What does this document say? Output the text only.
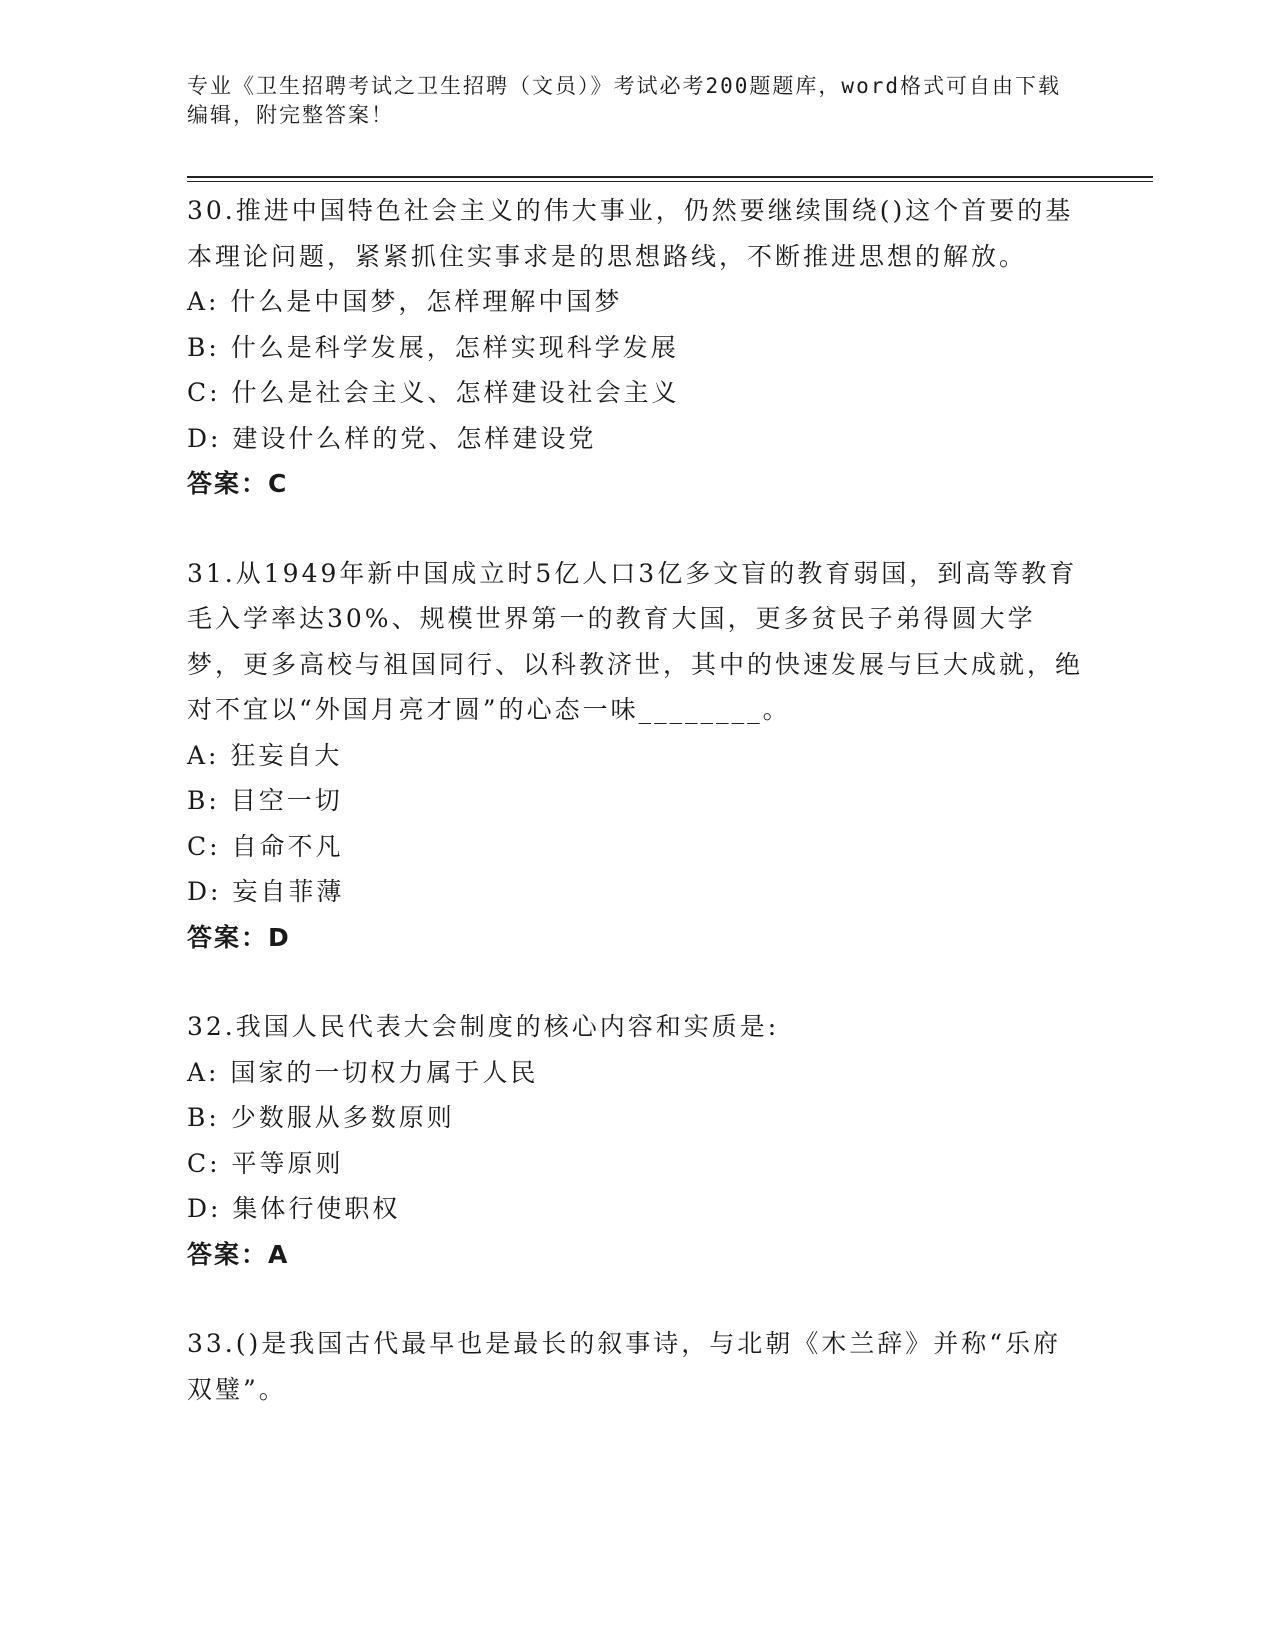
专业《卫生招聘考试之卫生招聘（文员）》考试必考200题题库，word格式可自由下载编辑，附完整答案！
30.推进中国特色社会主义的伟大事业，仍然要继续围绕()这个首要的基本理论问题，紧紧抓住实事求是的思想路线，不断推进思想的解放。
A: 什么是中国梦，怎样理解中国梦
B: 什么是科学发展，怎样实现科学发展
C: 什么是社会主义、怎样建设社会主义
D: 建设什么样的党、怎样建设党
答案：C
31.从1949年新中国成立时5亿人口3亿多文盲的教育弱国，到高等教育毛入学率达30%、规模世界第一的教育大国，更多贫民子弟得圆大学梦，更多高校与祖国同行、以科教济世，其中的快速发展与巨大成就，绝对不宜以“外国月亮才圆”的心态一味________。
A: 狂妄自大
B: 目空一切
C: 自命不凡
D: 妄自菲薄
答案：D
32.我国人民代表大会制度的核心内容和实质是:
A: 国家的一切权力属于人民
B: 少数服从多数原则
C: 平等原则
D: 集体行使职权
答案：A
33.()是我国古代最早也是最长的叙事诗，与北朝《木兰辞》并称“乐府双璧”。
